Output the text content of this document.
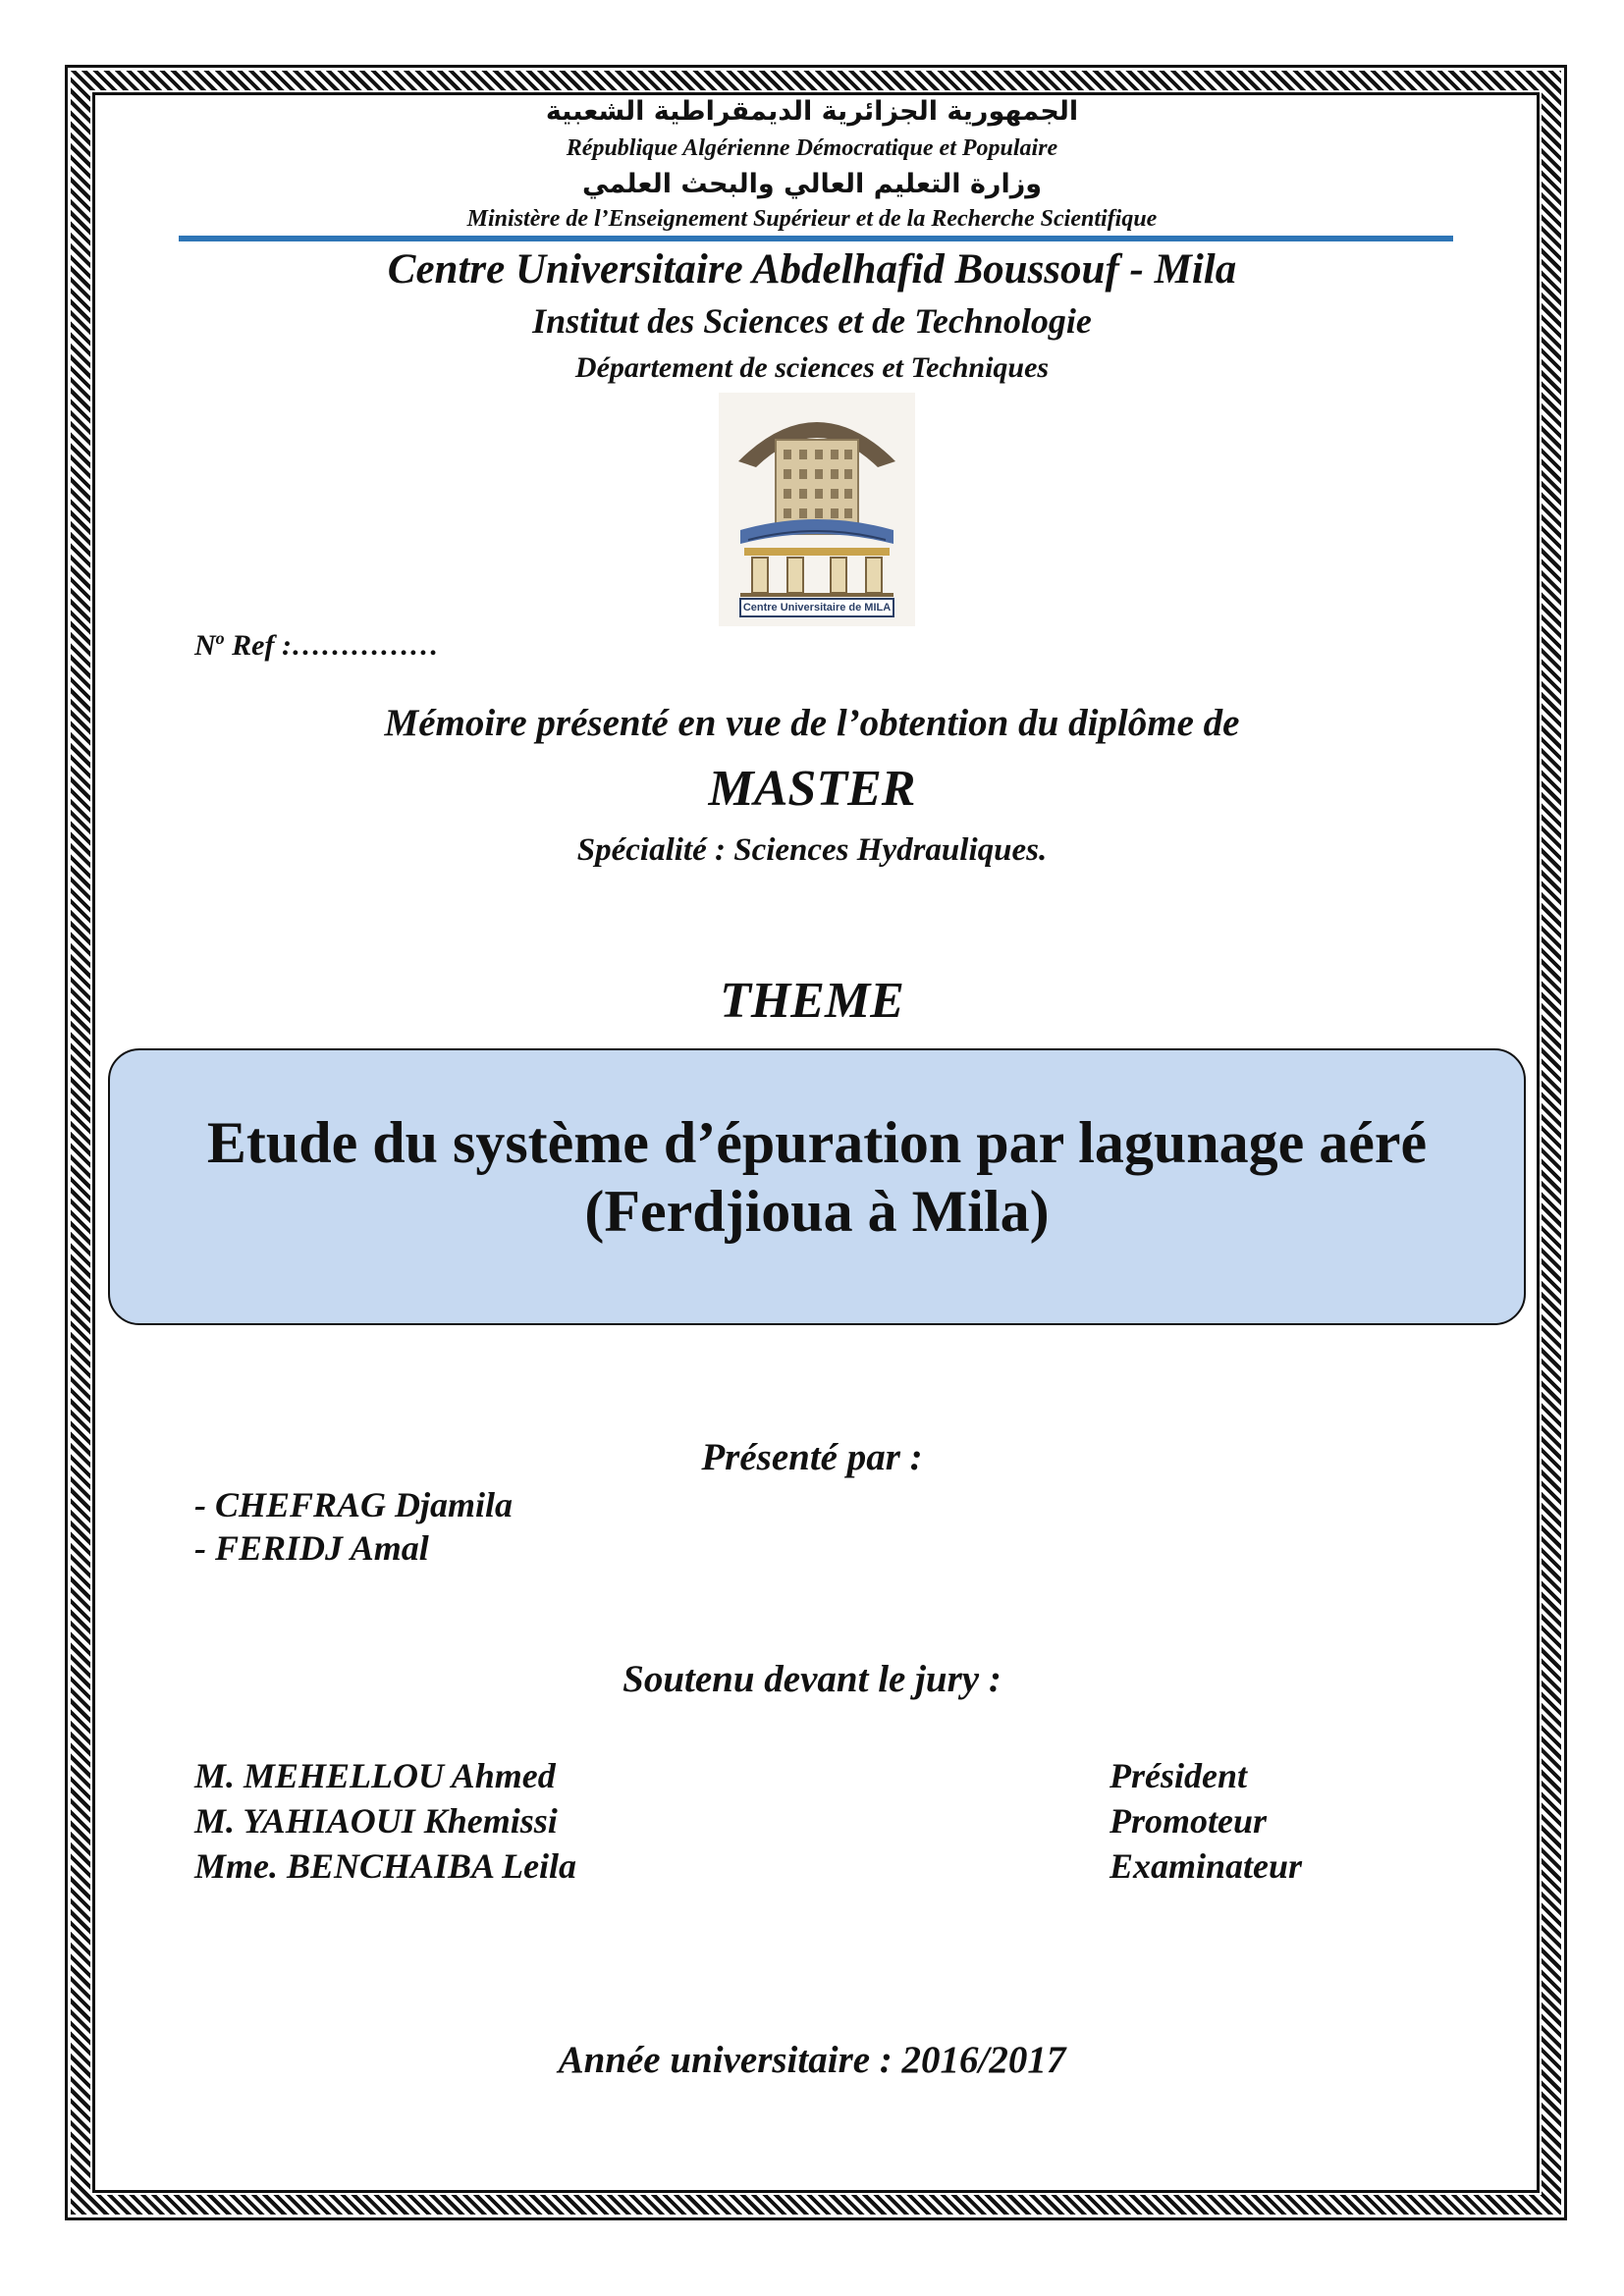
الجمهورية الجزائرية الديمقراطية الشعبية
République Algérienne Démocratique et Populaire
وزارة التعليم العالي والبحث العلمي
Ministère de l’Enseignement Supérieur et de la Recherche Scientifique
Centre Universitaire Abdelhafid Boussouf - Mila
Institut des Sciences et de Technologie
Département de sciences et Techniques
Centre Universitaire de MILA
$N^o$ Ref :……………
Mémoire présenté en vue de l’obtention du diplôme de
MASTER
Spécialité : Sciences Hydrauliques.
THEME
Etude du système d’épuration par lagunage aéré
(Ferdjioua à Mila)
Présenté par :
- CHEFRAG Djamila
- FERIDJ Amal
Soutenu devant le jury :
M. MEHELLOU Ahmed	Président
M. YAHIAOUI Khemissi	Promoteur
Mme. BENCHAIBA Leila	Examinateur
Année universitaire : 2016/2017
